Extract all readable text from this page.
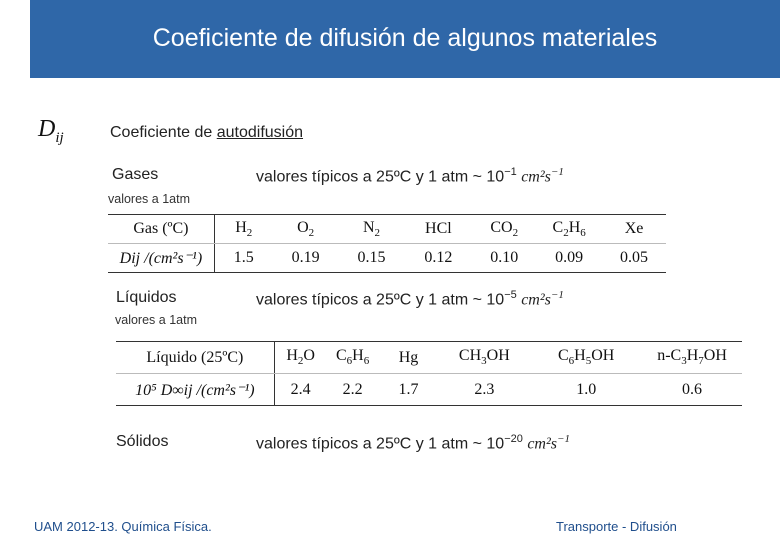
Coeficiente de difusión de algunos materiales
$D_{ij}$	Coeficiente de autodifusión
Gases	valores típicos a 25ºC y 1 atm ~ $10^{-1}$ $cm^2s^{-1}$
valores a 1atm
Gas (ºC)	$H_2$	$O_2$	$N_2$	HCl	$CO_2$	$C_2H_6$	Xe
Dij /(cm²s⁻¹)	1.5	0.19	0.15	0.12	0.10	0.09	0.05
Líquidos	valores típicos a 25ºC y 1 atm ~ $10^{-5}$ $cm^2s^{-1}$
valores a 1atm
Líquido (25ºC)	$H_2O$	$C_6H_6$	Hg	$CH_3OH$	$C_6H_5OH$	$n-C_3H_7OH$
10⁵ D∞ij /(cm²s⁻¹)	2.4	2.2	1.7	2.3	1.0	0.6
Sólidos	valores típicos a 25ºC y 1 atm ~ $10^{-20}$ $cm^2s^{-1}$
UAM 2012-13. Química Física.	Transporte - Difusión
